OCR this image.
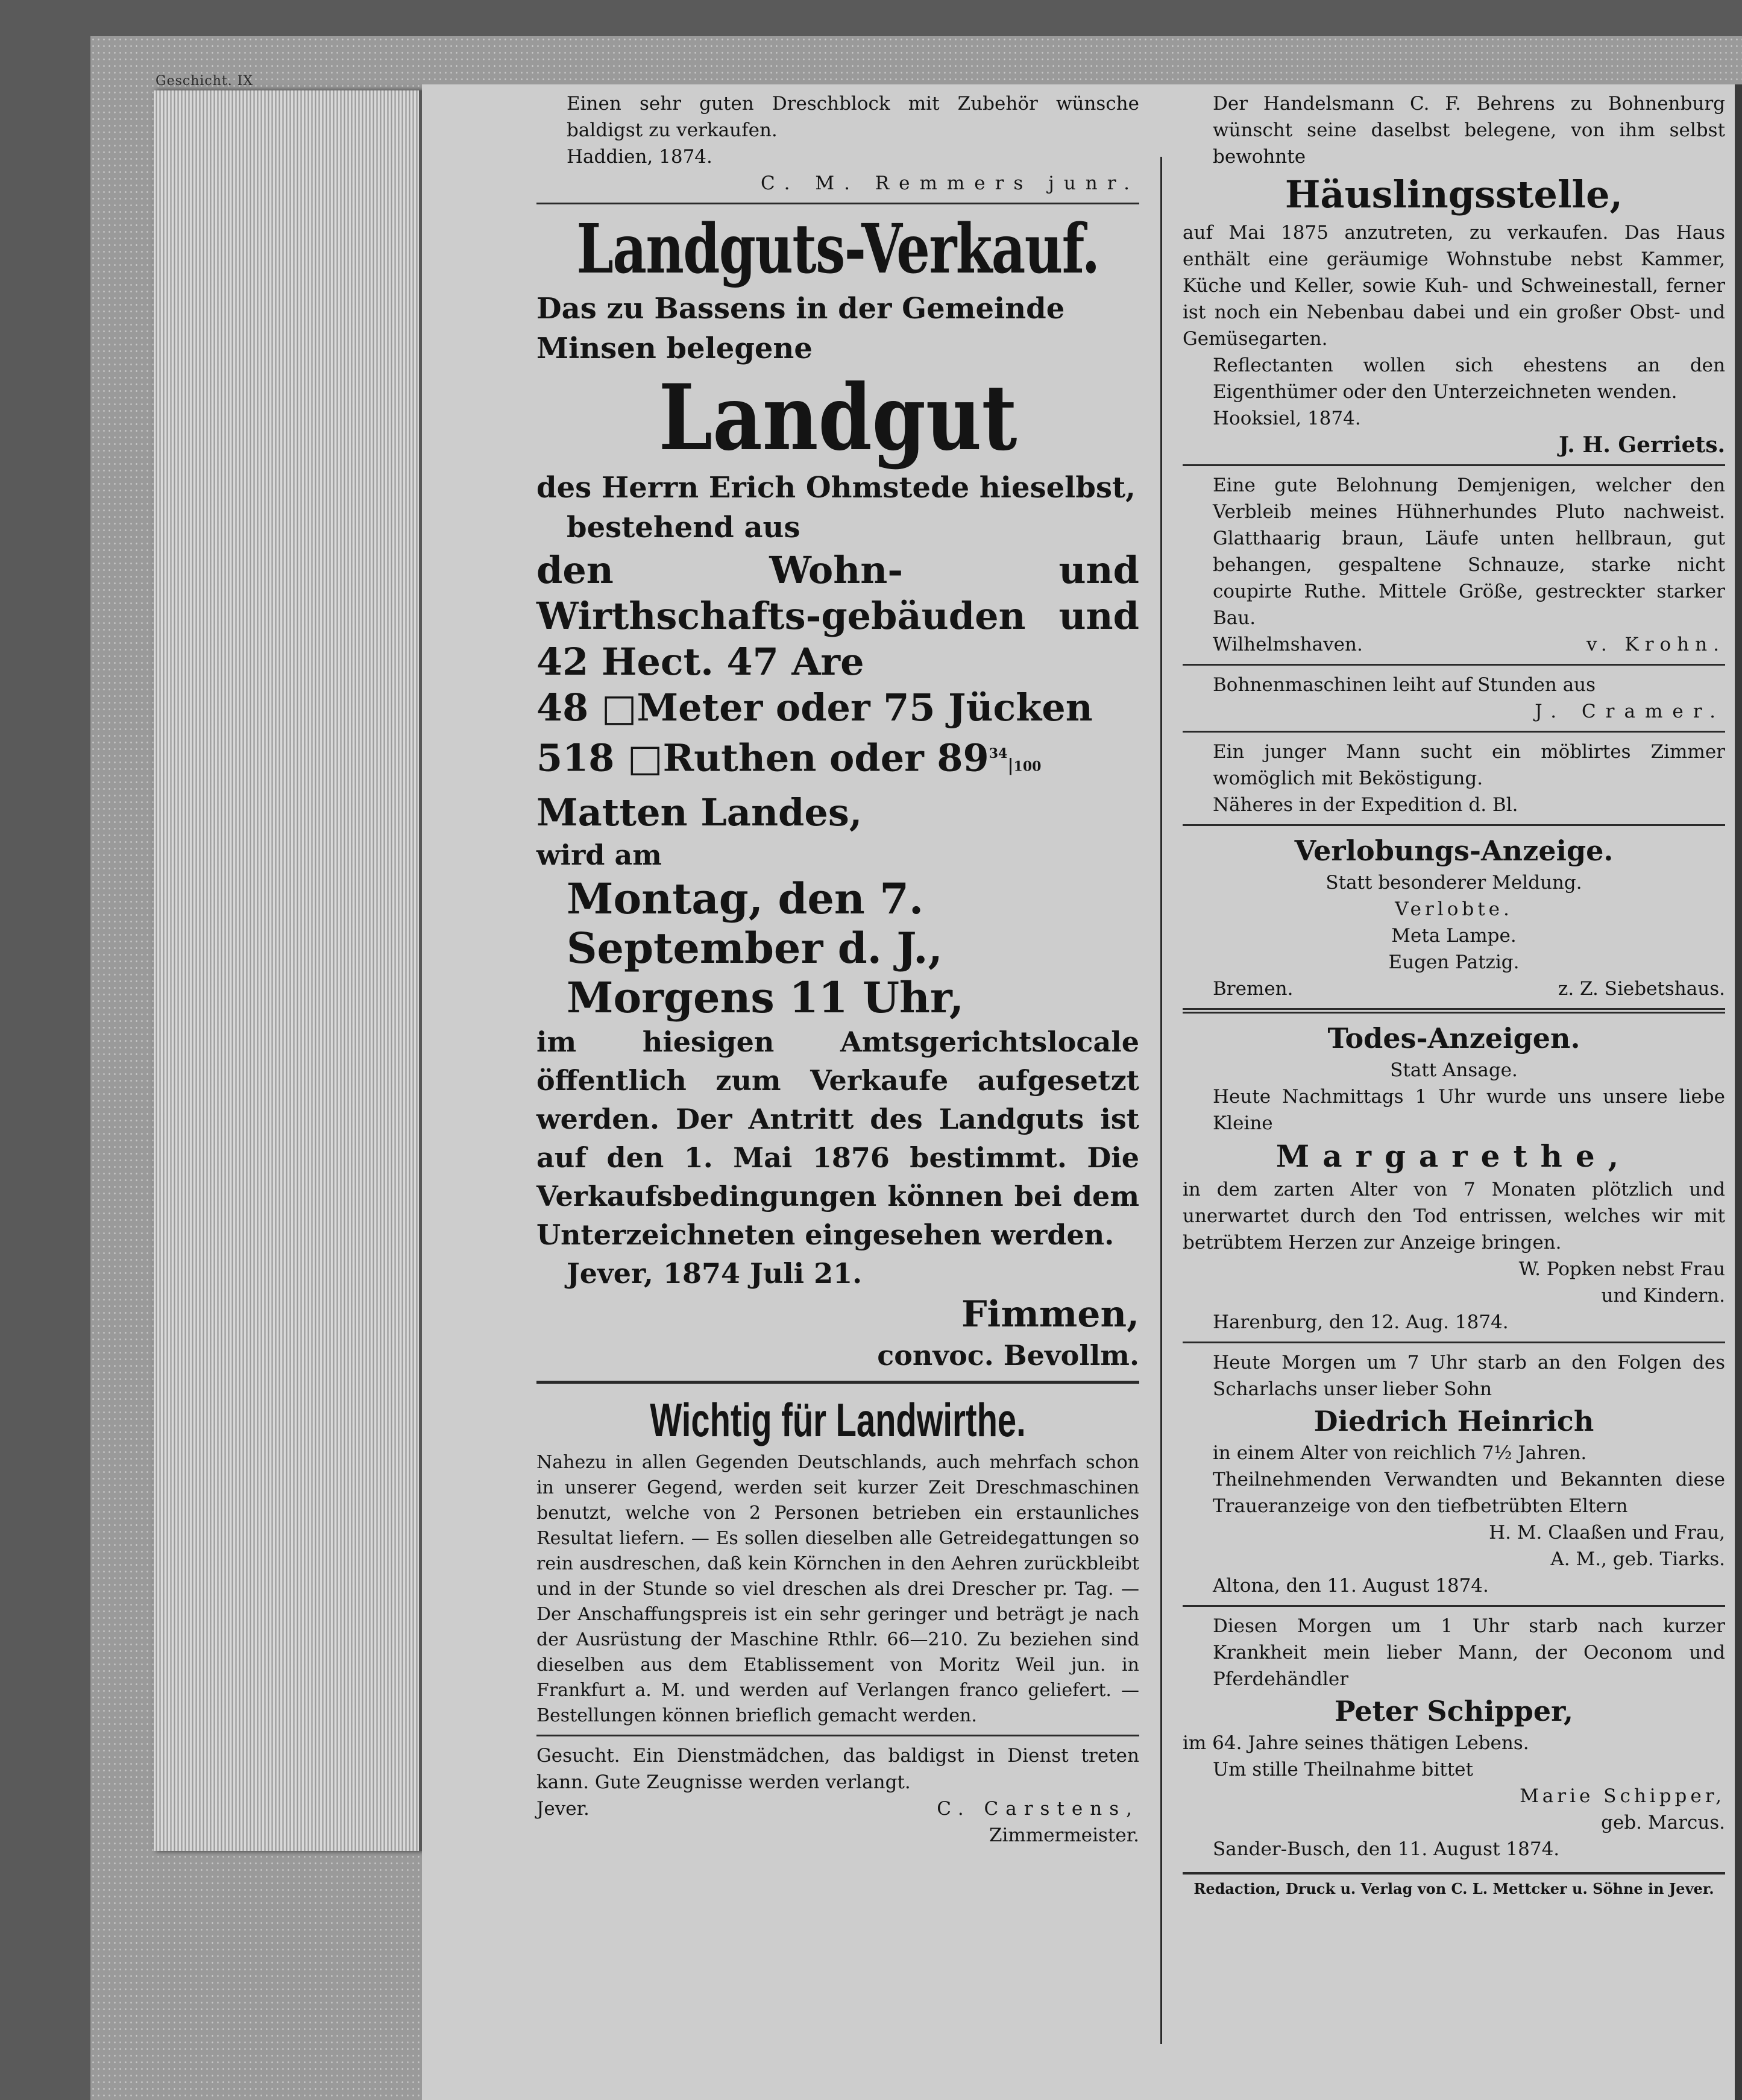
Geschicht. IX

Einen sehr guten Dreschblock mit Zubehör wünsche baldigst zu verkaufen.

Haddien, 1874.

C. M. Remmers junr.

Landguts-Verkauf.

Das zu Bassens in der Gemeinde Minsen belegene

Landgut

des Herrn Erich Ohmstede hieselbst,

bestehend aus

den Wohn- und Wirthschafts-gebäuden und 42 Hect. 47 Are

48 □Meter oder 75 Jücken

518 □Ruthen oder $89^{34}|100$ Matten Landes,

wird am

Montag, den 7. September d. J., Morgens 11 Uhr,

im hiesigen Amtsgerichtslocale öffentlich zum Verkaufe aufgesetzt werden. Der Antritt des Landguts ist auf den 1. Mai 1876 bestimmt. Die Verkaufsbedingungen können bei dem Unterzeichneten eingesehen werden.

Jever, 1874 Juli 21.

Fimmen,

convoc. Bevollm.

Wichtig für Landwirthe.

Nahezu in allen Gegenden Deutschlands, auch mehrfach schon in unserer Gegend, werden seit kurzer Zeit Dreschmaschinen benutzt, welche von 2 Personen betrieben ein erstaunliches Resultat liefern. — Es sollen dieselben alle Getreidegattungen so rein ausdreschen, daß kein Körnchen in den Aehren zurückbleibt und in der Stunde so viel dreschen als drei Drescher pr. Tag. — Der Anschaffungspreis ist ein sehr geringer und beträgt je nach der Ausrüstung der Maschine Rthlr. 66—210. Zu beziehen sind dieselben aus dem Etablissement von Moritz Weil jun. in Frankfurt a. M. und werden auf Verlangen franco geliefert. — Bestellungen können brieflich gemacht werden.

Gesucht. Ein Dienstmädchen, das baldigst in Dienst treten kann. Gute Zeugnisse werden verlangt.

Jever.	C. Carstens,

Zimmermeister.

Der Handelsmann C. F. Behrens zu Bohnenburg wünscht seine daselbst belegene, von ihm selbst bewohnte

Häuslingsstelle,

auf Mai 1875 anzutreten, zu verkaufen. Das Haus enthält eine geräumige Wohnstube nebst Kammer, Küche und Keller, sowie Kuh- und Schweinestall, ferner ist noch ein Nebenbau dabei und ein großer Obst- und Gemüsegarten.

Reflectanten wollen sich ehestens an den Eigenthümer oder den Unterzeichneten wenden.

Hooksiel, 1874.

J. H. Gerriets.

Eine gute Belohnung Demjenigen, welcher den Verbleib meines Hühnerhundes Pluto nachweist. Glatthaarig braun, Läufe unten hellbraun, gut behangen, gespaltene Schnauze, starke nicht coupirte Ruthe. Mittele Größe, gestreckter starker Bau.

Wilhelmshaven.	v. Krohn.

Bohnenmaschinen leiht auf Stunden aus

J. Cramer.

Ein junger Mann sucht ein möblirtes Zimmer womöglich mit Beköstigung.

Näheres in der Expedition d. Bl.

Verlobungs-Anzeige.

Statt besonderer Meldung.

Verlobte.

Meta Lampe.

Eugen Patzig.

Bremen.	z. Z. Siebetshaus.

Todes-Anzeigen.

Statt Ansage.

Heute Nachmittags 1 Uhr wurde uns unsere liebe Kleine

Margarethe,

in dem zarten Alter von 7 Monaten plötzlich und unerwartet durch den Tod entrissen, welches wir mit betrübtem Herzen zur Anzeige bringen.

W. Popken nebst Frau

und Kindern.

Harenburg, den 12. Aug. 1874.

Heute Morgen um 7 Uhr starb an den Folgen des Scharlachs unser lieber Sohn

Diedrich Heinrich

in einem Alter von reichlich 7½ Jahren.

Theilnehmenden Verwandten und Bekannten diese Traueranzeige von den tiefbetrübten Eltern

H. M. Claaßen und Frau,

A. M., geb. Tiarks.

Altona, den 11. August 1874.

Diesen Morgen um 1 Uhr starb nach kurzer Krankheit mein lieber Mann, der Oeconom und Pferdehändler

Peter Schipper,

im 64. Jahre seines thätigen Lebens.

Um stille Theilnahme bittet

Marie Schipper,

geb. Marcus.

Sander-Busch, den 11. August 1874.

Redaction, Druck u. Verlag von C. L. Mettcker u. Söhne in Jever.
